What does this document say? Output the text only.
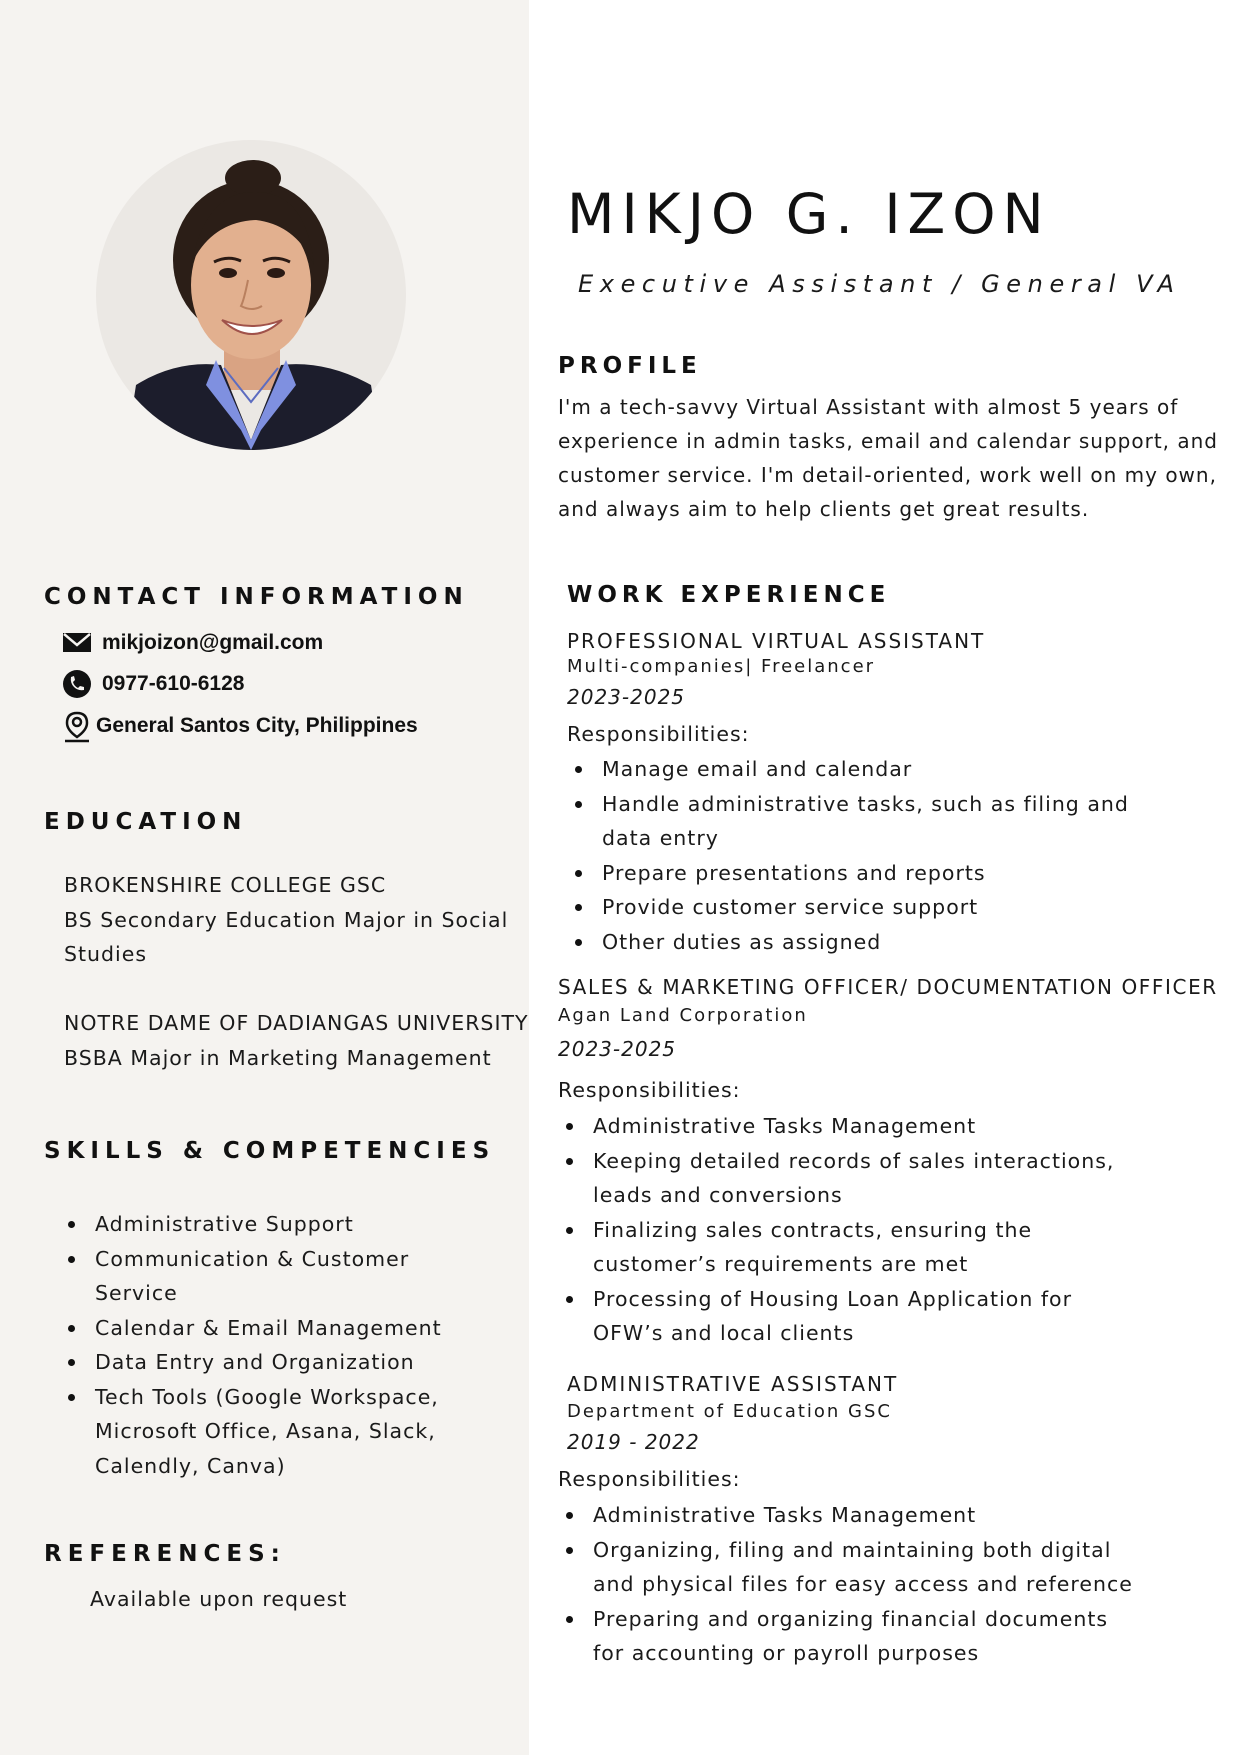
MIKJO G. IZON
Executive Assistant / General VA
PROFILE
I'm a tech-savvy Virtual Assistant with almost 5 years of
experience in admin tasks, email and calendar support, and
customer service. I'm detail-oriented, work well on my own,
and always aim to help clients get great results.
CONTACT INFORMATION
mikjoizon@gmail.com
0977-610-6128
General Santos City, Philippines
EDUCATION
BROKENSHIRE COLLEGE GSC
BS Secondary Education Major in Social
Studies
NOTRE DAME OF DADIANGAS UNIVERSITY
BSBA Major in Marketing Management
SKILLS & COMPETENCIES
Administrative Support
Communication & Customer
Service
Calendar & Email Management
Data Entry and Organization
Tech Tools (Google Workspace,
Microsoft Office, Asana, Slack,
Calendly, Canva)
REFERENCES:
Available upon request
WORK EXPERIENCE
PROFESSIONAL VIRTUAL ASSISTANT
Multi-companies| Freelancer
2023-2025
Responsibilities:
Manage email and calendar
Handle administrative tasks, such as filing and
data entry
Prepare presentations and reports
Provide customer service support
Other duties as assigned
SALES & MARKETING OFFICER/ DOCUMENTATION OFFICER
Agan Land Corporation
2023-2025
Responsibilities:
Administrative Tasks Management
Keeping detailed records of sales interactions,
leads and conversions
Finalizing sales contracts, ensuring the
customer’s requirements are met
Processing of Housing Loan Application for
OFW’s and local clients
ADMINISTRATIVE ASSISTANT
Department of Education GSC
2019 - 2022
Responsibilities:
Administrative Tasks Management
Organizing, filing and maintaining both digital
and physical files for easy access and reference
Preparing and organizing financial documents
for accounting or payroll purposes
